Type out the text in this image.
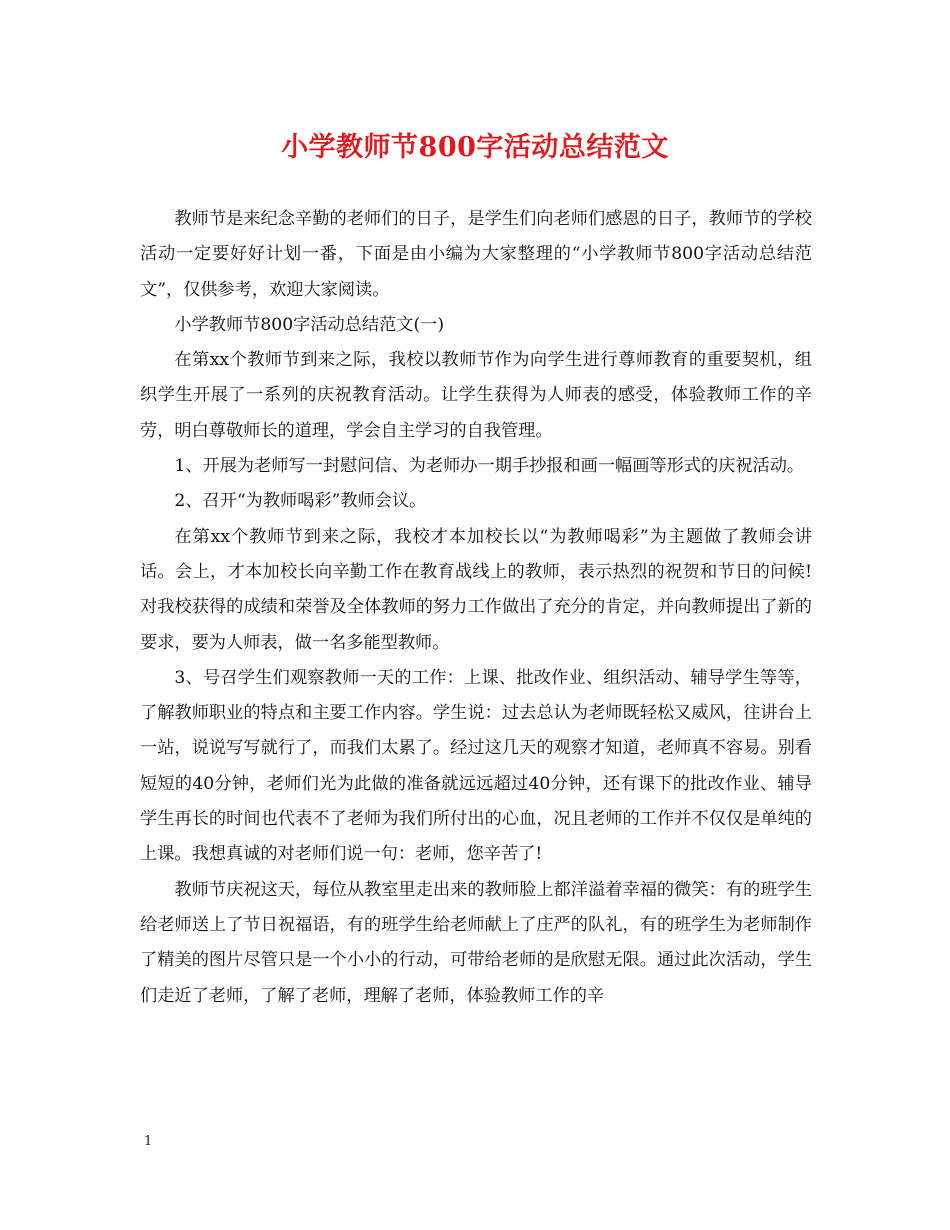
小学教师节800字活动总结范文

教师节是来纪念辛勤的老师们的日子，是学生们向老师们感恩的日子，教师节的学校活动一定要好好计划一番，下面是由小编为大家整理的“小学教师节800字活动总结范文”，仅供参考，欢迎大家阅读。

小学教师节800字活动总结范文(一)

在第xx个教师节到来之际，我校以教师节作为向学生进行尊师教育的重要契机，组织学生开展了一系列的庆祝教育活动。让学生获得为人师表的感受，体验教师工作的辛劳，明白尊敬师长的道理，学会自主学习的自我管理。

1、开展为老师写一封慰问信、为老师办一期手抄报和画一幅画等形式的庆祝活动。

2、召开“为教师喝彩”教师会议。

在第xx个教师节到来之际，我校才本加校长以“为教师喝彩”为主题做了教师会讲话。会上，才本加校长向辛勤工作在教育战线上的教师，表示热烈的祝贺和节日的问候!对我校获得的成绩和荣誉及全体教师的努力工作做出了充分的肯定，并向教师提出了新的要求，要为人师表，做一名多能型教师。

3、号召学生们观察教师一天的工作：上课、批改作业、组织活动、辅导学生等等，了解教师职业的特点和主要工作内容。学生说：过去总认为老师既轻松又威风，往讲台上一站，说说写写就行了，而我们太累了。经过这几天的观察才知道，老师真不容易。别看短短的40分钟，老师们光为此做的准备就远远超过40分钟，还有课下的批改作业、辅导学生再长的时间也代表不了老师为我们所付出的心血，况且老师的工作并不仅仅是单纯的上课。我想真诚的对老师们说一句：老师，您辛苦了!

教师节庆祝这天，每位从教室里走出来的教师脸上都洋溢着幸福的微笑：有的班学生给老师送上了节日祝福语，有的班学生给老师献上了庄严的队礼，有的班学生为老师制作了精美的图片尽管只是一个小小的行动，可带给老师的是欣慰无限。通过此次活动，学生们走近了老师，了解了老师，理解了老师，体验教师工作的辛

1
